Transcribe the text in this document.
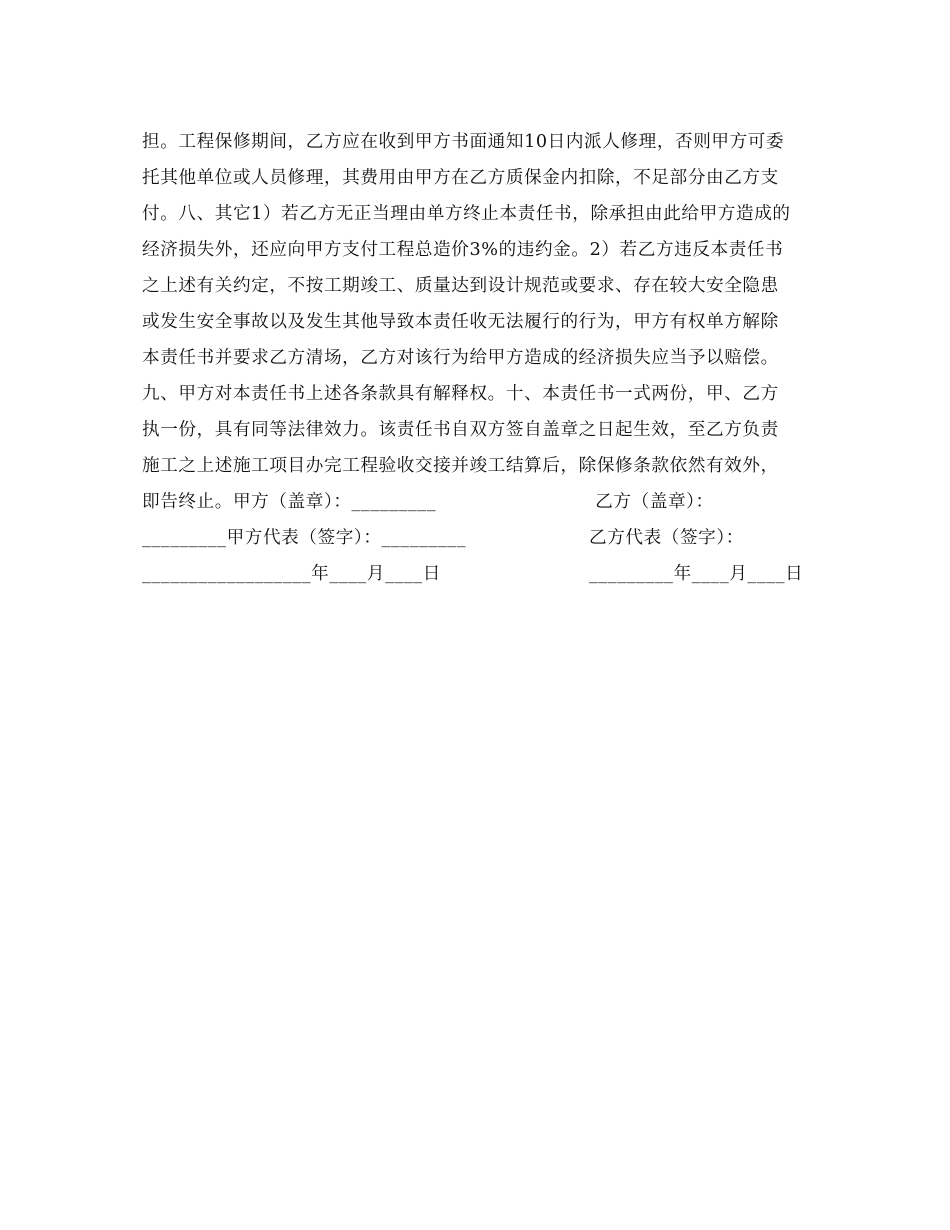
担。工程保修期间，乙方应在收到甲方书面通知10日内派人修理，否则甲方可委
托其他单位或人员修理，其费用由甲方在乙方质保金内扣除，不足部分由乙方支
付。八、其它1）若乙方无正当理由单方终止本责任书，除承担由此给甲方造成的
经济损失外，还应向甲方支付工程总造价3%的违约金。2）若乙方违反本责任书
之上述有关约定，不按工期竣工、质量达到设计规范或要求、存在较大安全隐患
或发生安全事故以及发生其他导致本责任收无法履行的行为，甲方有权单方解除
本责任书并要求乙方清场，乙方对该行为给甲方造成的经济损失应当予以赔偿。
九、甲方对本责任书上述各条款具有解释权。十、本责任书一式两份，甲、乙方
执一份，具有同等法律效力。该责任书自双方签自盖章之日起生效，至乙方负责
施工之上述施工项目办完工程验收交接并竣工结算后，除保修条款依然有效外，
即告终止。甲方（盖章）：_________
_________甲方代表（签字）：_________
__________________年____月____日
乙方（盖章）：
乙方代表（签字）：
_________年____月____日
